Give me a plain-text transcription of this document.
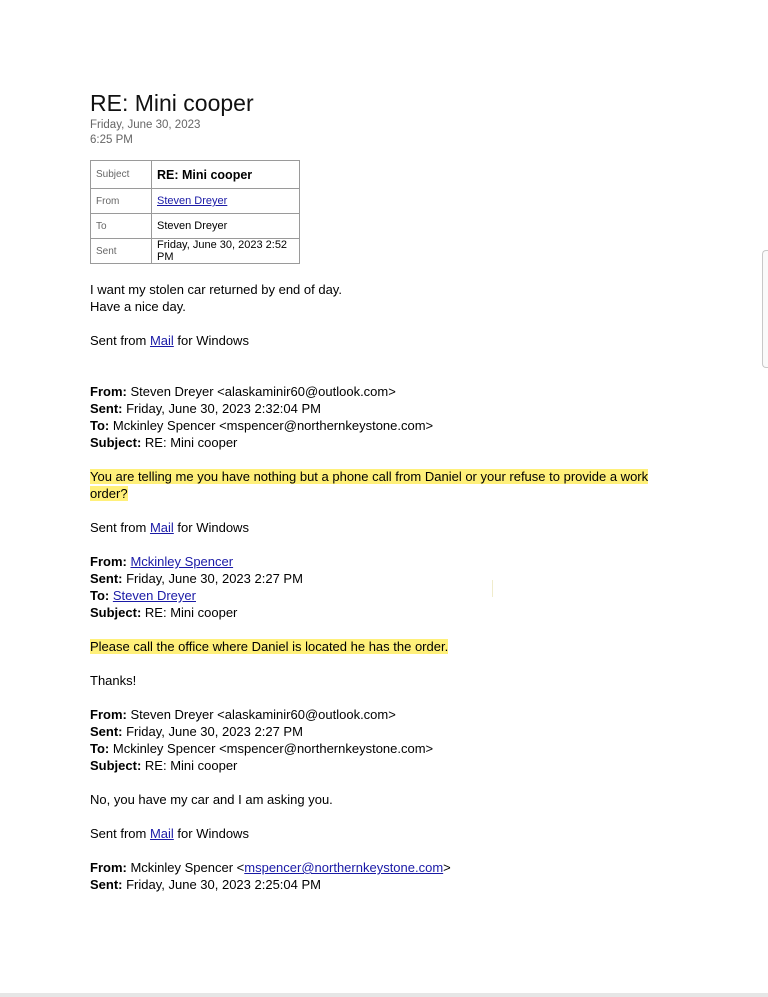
RE: Mini cooper
Friday, June 30, 2023
6:25 PM
Subject	RE: Mini cooper
From	Steven Dreyer
To	Steven Dreyer
Sent	Friday, June 30, 2023 2:52 PM
I want my stolen car returned by end of day.
Have a nice day.
Sent from Mail for Windows
From: Steven Dreyer <alaskaminir60@outlook.com>
Sent: Friday, June 30, 2023 2:32:04 PM
To: Mckinley Spencer <mspencer@northernkeystone.com>
Subject: RE: Mini cooper
You are telling me you have nothing but a phone call from Daniel or your refuse to provide a work order?
Sent from Mail for Windows
From: Mckinley Spencer
Sent: Friday, June 30, 2023 2:27 PM
To: Steven Dreyer
Subject: RE: Mini cooper
Please call the office where Daniel is located he has the order.
Thanks!
From: Steven Dreyer <alaskaminir60@outlook.com>
Sent: Friday, June 30, 2023 2:27 PM
To: Mckinley Spencer <mspencer@northernkeystone.com>
Subject: RE: Mini cooper
No, you have my car and I am asking you.
Sent from Mail for Windows
From: Mckinley Spencer <mspencer@northernkeystone.com>
Sent: Friday, June 30, 2023 2:25:04 PM
